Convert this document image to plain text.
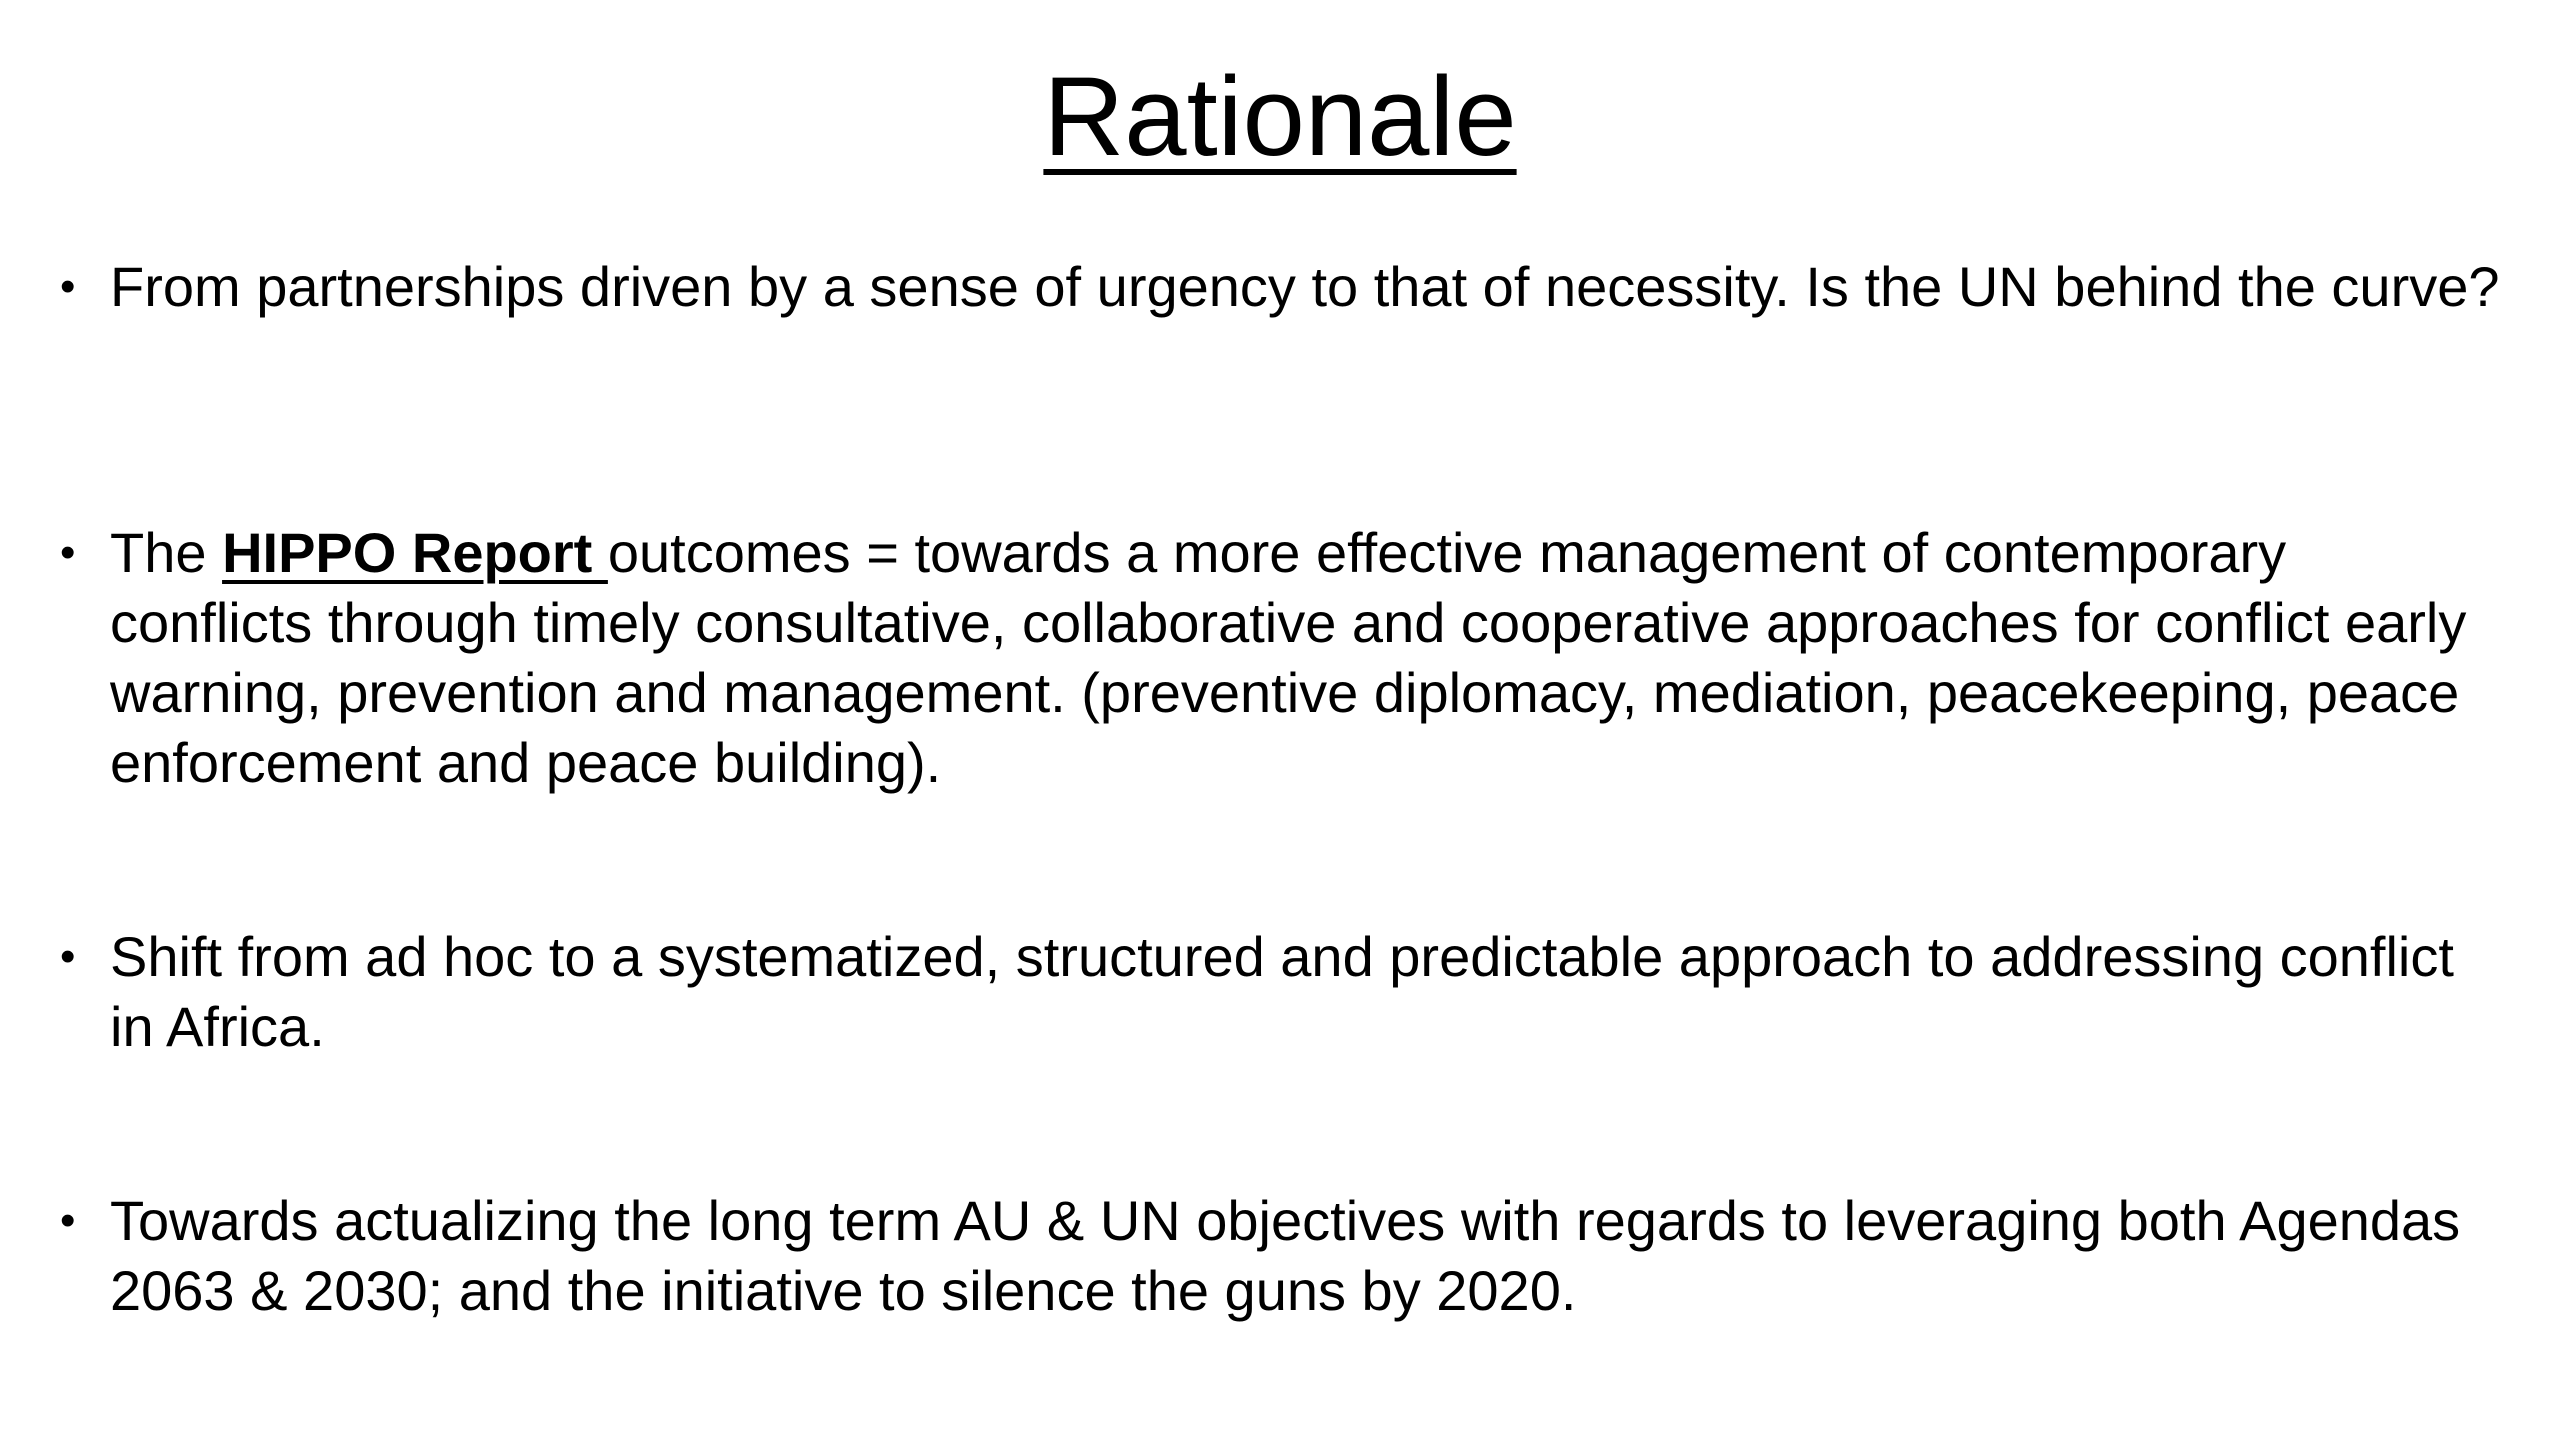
Rationale
• From partnerships driven by a sense of urgency to that of necessity. Is the UN behind the curve?
• The HIPPO Report outcomes = towards a more effective management of contemporary conflicts through timely consultative, collaborative and cooperative approaches for conflict early warning, prevention and management. (preventive diplomacy, mediation, peacekeeping, peace enforcement and peace building).
• Shift from ad hoc to a systematized, structured and predictable approach to addressing conflict in Africa.
• Towards actualizing the long term AU & UN objectives with regards to leveraging both Agendas 2063 & 2030; and the initiative to silence the guns by 2020.
